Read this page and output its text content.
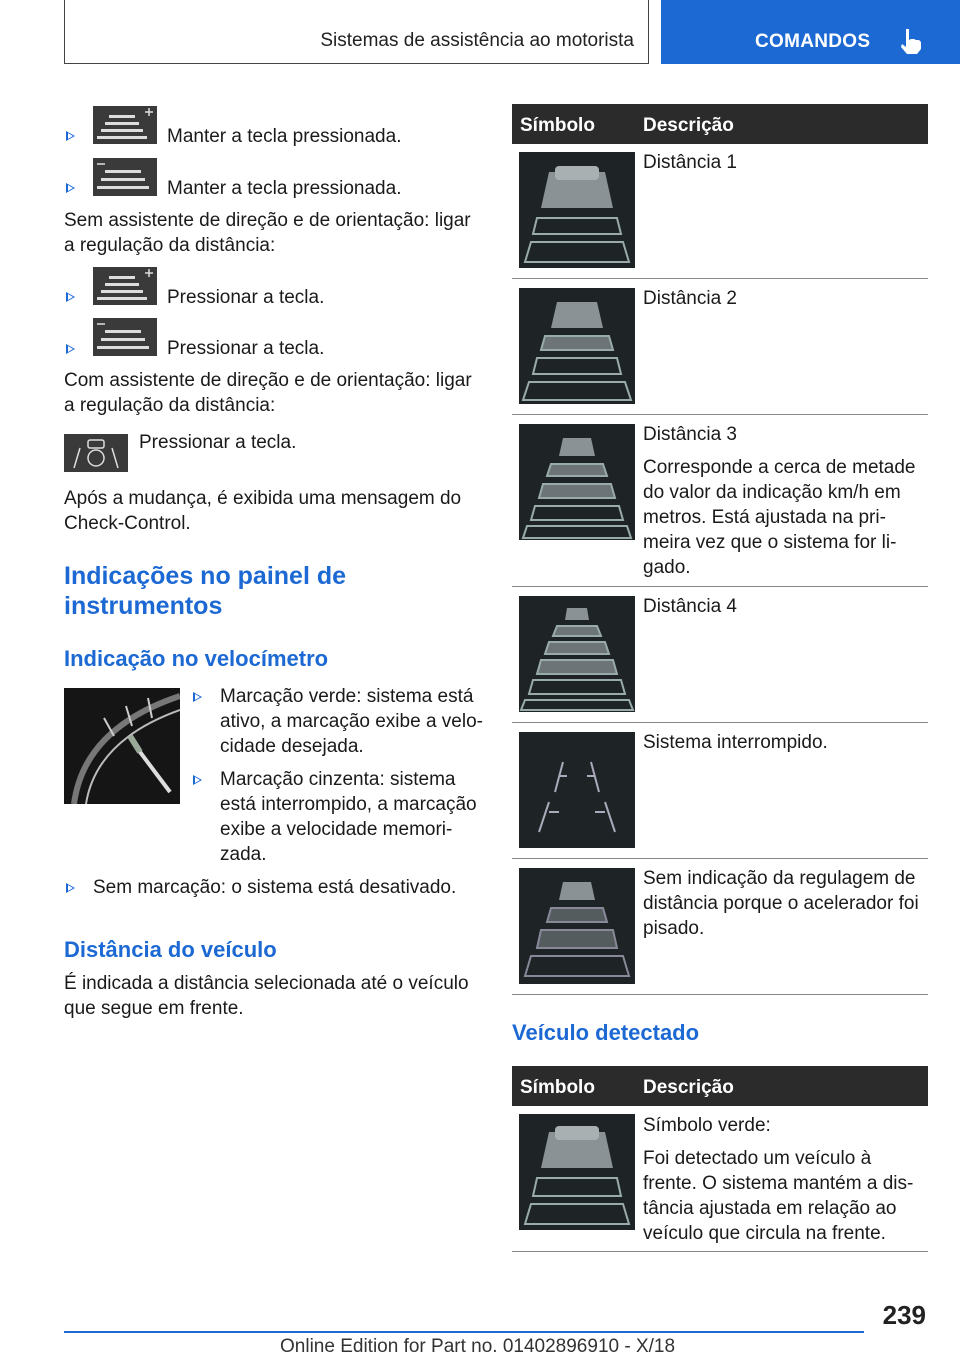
Sistemas de assistência ao motorista	COMANDOS
Manter a tecla pressionada.
Manter a tecla pressionada.
Sem assistente de direção e de orientação: ligar
a regulação da distância:
Pressionar a tecla.
Pressionar a tecla.
Com assistente de direção e de orientação: ligar
a regulação da distância:
Pressionar a tecla.
Após a mudança, é exibida uma mensagem do
Check-Control.
Indicações no painel de
instrumentos
Indicação no velocímetro
Marcação verde: sistema está
ativo, a marcação exibe a velo-
cidade desejada.
Marcação cinzenta: sistema
está interrompido, a marcação
exibe a velocidade memori-
zada.
Sem marcação: o sistema está desativado.
Distância do veículo
É indicada a distância selecionada até o veículo
que segue em frente.
Símbolo	Descrição
Distância 1
Distância 2
Distância 3
Corresponde a cerca de metade
do valor da indicação km/h em
metros. Está ajustada na pri-
meira vez que o sistema for li-
gado.
Distância 4
Sistema interrompido.
Sem indicação da regulagem de
distância porque o acelerador foi
pisado.
Veículo detectado
Símbolo	Descrição
Símbolo verde:
Foi detectado um veículo à
frente. O sistema mantém a dis-
tância ajustada em relação ao
veículo que circula na frente.
239
Online Edition for Part no. 01402896910 - X/18
